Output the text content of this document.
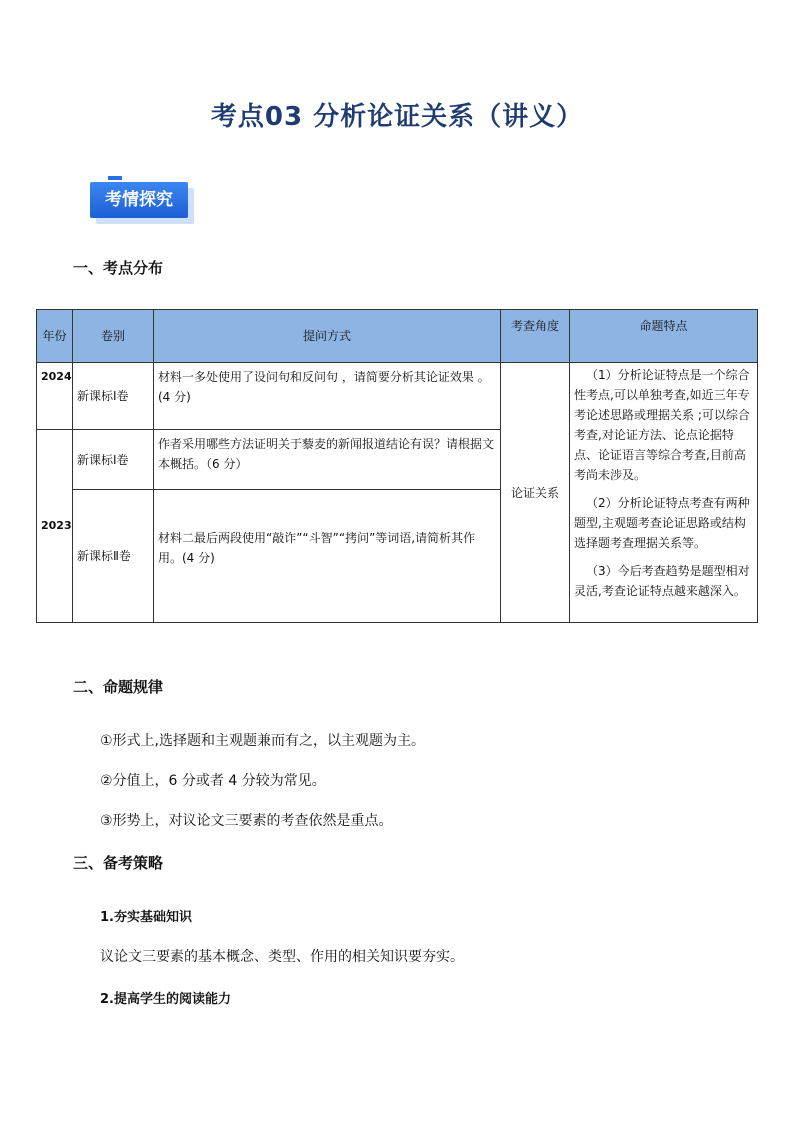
考点03 分析论证关系（讲义）
考情探究
一、考点分布
年份	卷别	提问方式	考查角度	命题特点
2024	新课标Ⅰ卷	材料一多处使用了设问句和反问句 ，请简要分析其论证效果 。(4 分)	论证关系	（1）分析论证特点是一个综合性考点,可以单独考查,如近三年专考论述思路或理据关系 ;可以综合考查,对论证方法、论点论据特点、论证语言等综合考查,目前高考尚未涉及。

（2）分析论证特点考查有两种题型,主观题考查论证思路或结构选择题考查理据关系等。

（3）今后考查趋势是题型相对灵活,考查论证特点越来越深入。

2023	新课标Ⅰ卷	作者采用哪些方法证明关于藜麦的新闻报道结论有误？请根据文本概括。（6 分）		
	新课标Ⅱ卷	材料二最后两段使用“敲诈”“斗智”“拷问”等词语,请简析其作用。(4 分)		
二、命题规律
①形式上,选择题和主观题兼而有之，以主观题为主。
②分值上，6 分或者 4 分较为常见。
③形势上，对议论文三要素的考查依然是重点。
三、备考策略
1.夯实基础知识
议论文三要素的基本概念、类型、作用的相关知识要夯实。
2.提高学生的阅读能力
